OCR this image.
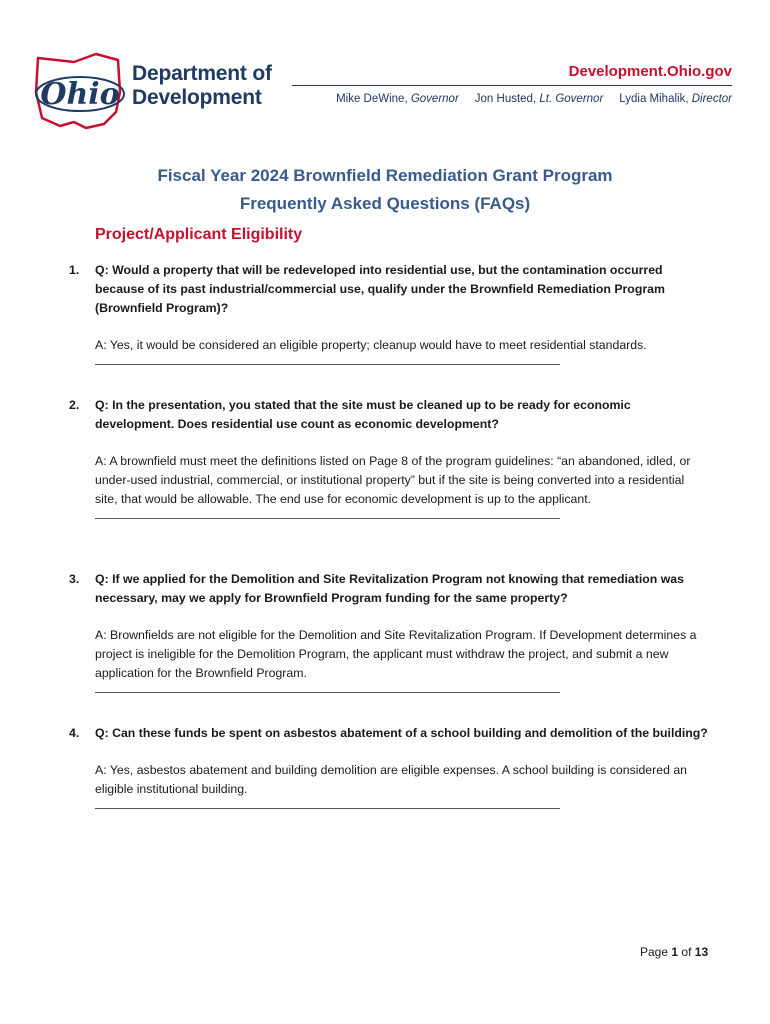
Ohio
Department of
Development
Development.Ohio.gov
Mike DeWine, Governor Jon Husted, Lt. Governor Lydia Mihalik, Director
Fiscal Year 2024 Brownfield Remediation Grant Program
Frequently Asked Questions (FAQs)
Project/Applicant Eligibility
1. Q: Would a property that will be redeveloped into residential use, but the contamination occurred because of its past industrial/commercial use, qualify under the Brownfield Remediation Program (Brownfield Program)?
A: Yes, it would be considered an eligible property; cleanup would have to meet residential standards.
2. Q: In the presentation, you stated that the site must be cleaned up to be ready for economic development. Does residential use count as economic development?
A: A brownfield must meet the definitions listed on Page 8 of the program guidelines: “an abandoned, idled, or under-used industrial, commercial, or institutional property” but if the site is being converted into a residential site, that would be allowable. The end use for economic development is up to the applicant.
3. Q: If we applied for the Demolition and Site Revitalization Program not knowing that remediation was necessary, may we apply for Brownfield Program funding for the same property?
A: Brownfields are not eligible for the Demolition and Site Revitalization Program. If Development determines a project is ineligible for the Demolition Program, the applicant must withdraw the project, and submit a new application for the Brownfield Program.
4. Q: Can these funds be spent on asbestos abatement of a school building and demolition of the building?
A: Yes, asbestos abatement and building demolition are eligible expenses. A school building is considered an eligible institutional building.
Page 1 of 13
